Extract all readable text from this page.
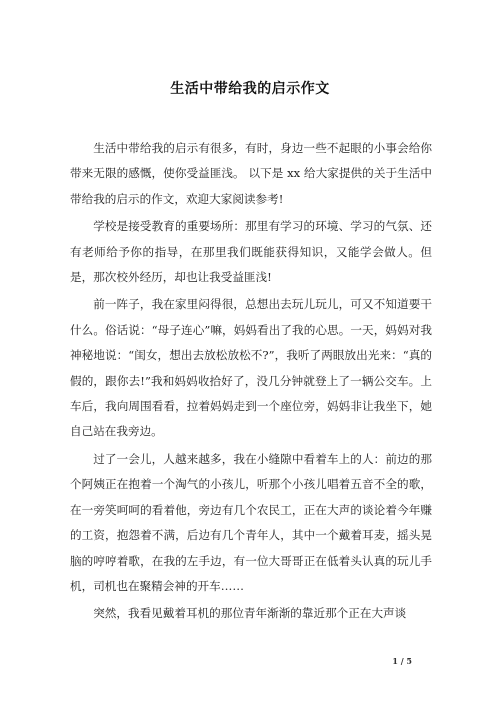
生活中带给我的启示作文

生活中带给我的启示有很多，有时，身边一些不起眼的小事会给你带来无限的感慨，使你受益匪浅。 以下是 xx 给大家提供的关于生活中带给我的启示的作文，欢迎大家阅读参考!

学校是接受教育的重要场所：那里有学习的环境、学习的气氛、还有老师给予你的指导，在那里我们既能获得知识，又能学会做人。但是，那次校外经历，却也让我受益匪浅!

前一阵子，我在家里闷得很，总想出去玩儿玩儿，可又不知道要干什么。俗话说：“母子连心”嘛，妈妈看出了我的心思。一天，妈妈对我神秘地说：“闺女，想出去放松放松不?”，我听了两眼放出光来：“真的假的，跟你去!”我和妈妈收拾好了，没几分钟就登上了一辆公交车。上车后，我向周围看看，拉着妈妈走到一个座位旁，妈妈非让我坐下，她自己站在我旁边。

过了一会儿，人越来越多，我在小缝隙中看着车上的人：前边的那个阿姨正在抱着一个淘气的小孩儿，听那个小孩儿唱着五音不全的歌，在一旁笑呵呵的看着他，旁边有几个农民工，正在大声的谈论着今年赚的工资，抱怨着不满，后边有几个青年人，其中一个戴着耳麦，摇头晃脑的哼哼着歌，在我的左手边，有一位大哥哥正在低着头认真的玩儿手机，司机也在聚精会神的开车……

突然，我看见戴着耳机的那位青年渐渐的靠近那个正在大声谈

1 / 5
